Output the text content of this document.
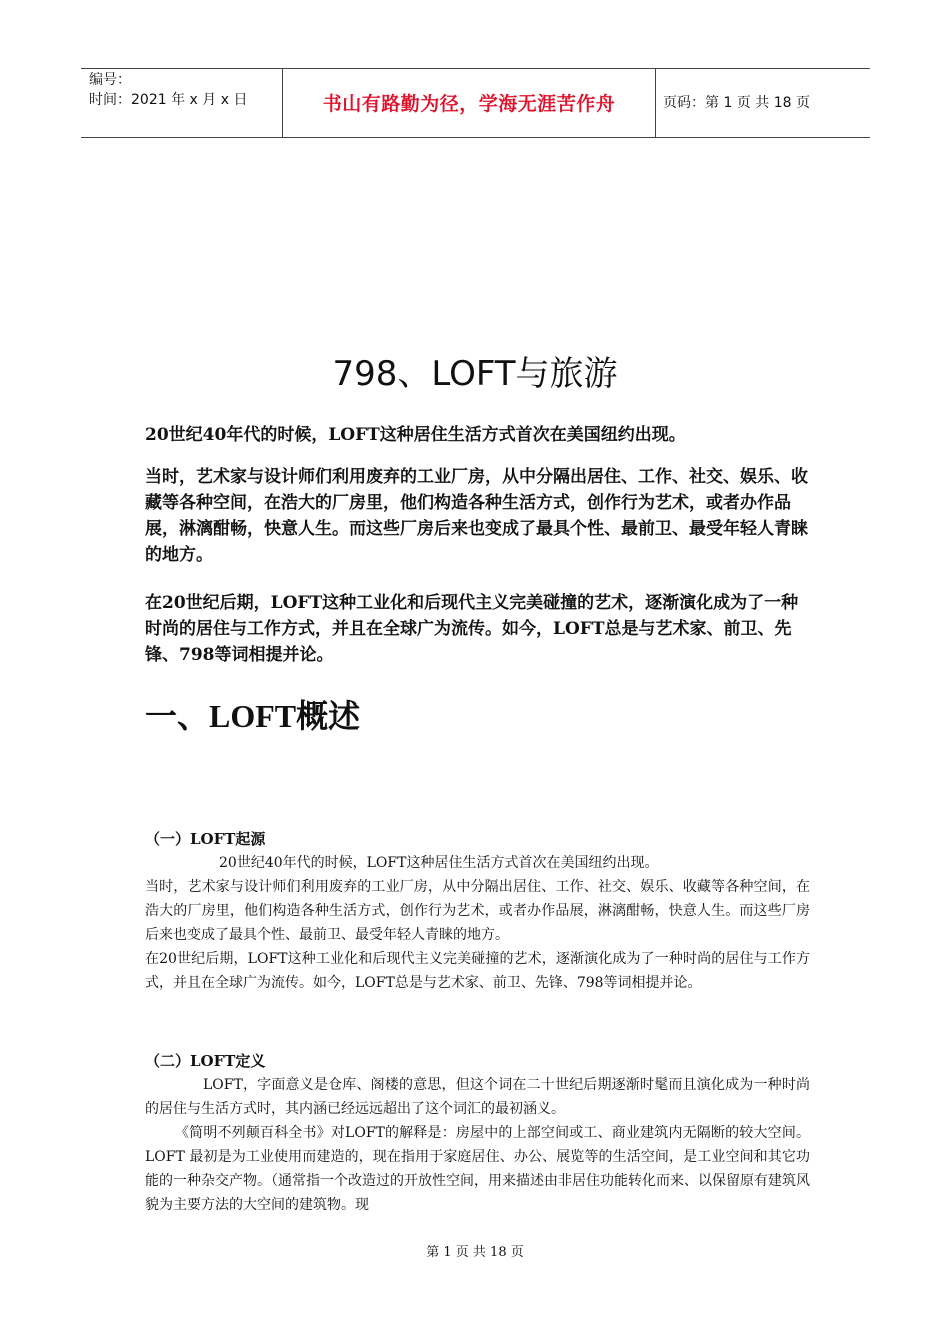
编号：
时间：2021 年 x 月 x 日	书山有路勤为径，学海无涯苦作舟	页码：第 1 页 共 18 页
798、LOFT与旅游
20世纪40年代的时候，LOFT这种居住生活方式首次在美国纽约出现。
当时，艺术家与设计师们利用废弃的工业厂房，从中分隔出居住、工作、社交、娱乐、收藏等各种空间，在浩大的厂房里，他们构造各种生活方式，创作行为艺术，或者办作品展，淋漓酣畅，快意人生。而这些厂房后来也变成了最具个性、最前卫、最受年轻人青睐的地方。
在20世纪后期，LOFT这种工业化和后现代主义完美碰撞的艺术，逐渐演化成为了一种时尚的居住与工作方式，并且在全球广为流传。如今，LOFT总是与艺术家、前卫、先锋、798等词相提并论。
一、LOFT概述
（一）LOFT起源
20世纪40年代的时候，LOFT这种居住生活方式首次在美国纽约出现。
当时，艺术家与设计师们利用废弃的工业厂房，从中分隔出居住、工作、社交、娱乐、收藏等各种空间，在浩大的厂房里，他们构造各种生活方式，创作行为艺术，或者办作品展，淋漓酣畅，快意人生。而这些厂房后来也变成了最具个性、最前卫、最受年轻人青睐的地方。
在20世纪后期，LOFT这种工业化和后现代主义完美碰撞的艺术，逐渐演化成为了一种时尚的居住与工作方式，并且在全球广为流传。如今，LOFT总是与艺术家、前卫、先锋、798等词相提并论。
（二）LOFT定义
LOFT，字面意义是仓库、阁楼的意思，但这个词在二十世纪后期逐渐时髦而且演化成为一种时尚的居住与生活方式时，其内涵已经远远超出了这个词汇的最初涵义。
《简明不列颠百科全书》对LOFT的解释是：房屋中的上部空间或工、商业建筑内无隔断的较大空间。LOFT 最初是为工业使用而建造的，现在指用于家庭居住、办公、展览等的生活空间，是工业空间和其它功能的一种杂交产物。（通常指一个改造过的开放性空间，用来描述由非居住功能转化而来、以保留原有建筑风貌为主要方法的大空间的建筑物。现
第 1 页 共 18 页
